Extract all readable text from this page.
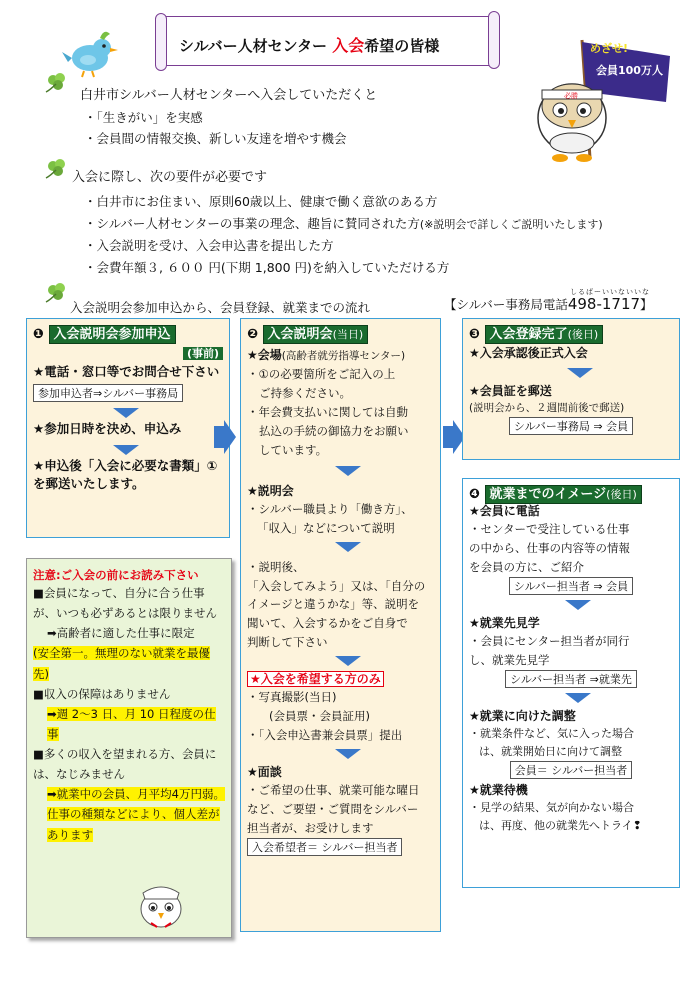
シルバー人材センター 入会希望の皆様
必勝
めざせ!
会員100万人
白井市シルバー人材センターへ入会していただくと
・「生きがい」を実感
・会員間の情報交換、新しい友達を増やす機会
入会に際し、次の要件が必要です
・白井市にお住まい、原則60歳以上、健康で働く意欲のある方
・シルバー人材センターの事業の理念、趣旨に賛同された方(※説明会で詳しくご説明いたします)
・入会説明を受け、入会申込書を提出した方
・会費年額３, ６００ 円(下期 1,800 円)を納入していただける方
入会説明会参加申込から、会員登録、就業までの流れ
しるばーいいないいな
【シルバー事務局電話498-1717】
❶ 入会説明会参加申込
(事前)
★電話・窓口等でお問合せ下さい
参加申込者⇒シルバー事務局
★参加日時を決め、申込み
★申込後「入会に必要な書類」①を郵送いたします。
❷ 入会説明会(当日)
★会場(高齢者就労指導センター)
・①の必要箇所をご記入の上
ご持参ください。
・年会費支払いに関しては自動
払込の手続の御協力をお願い
しています。
★説明会
・シルバー職員より「働き方」、
「収入」などについて説明
・説明後、
「入会してみよう」又は、「自分の
イメージと違うかな」等、説明を
聞いて、入会するかをご自身で
判断して下さい
★入会を希望する方のみ
・写真撮影(当日)
(会員票・会員証用)
・「入会申込書兼会員票」提出
★面談
・ご希望の仕事、就業可能な曜日
など、ご要望・ご質問をシルバー
担当者が、お受けします
入会希望者＝ シルバー担当者
❸ 入会登録完了(後日)
★入会承認後正式入会
★会員証を郵送
(説明会から、２週間前後で郵送)
シルバー事務局 ⇒ 会員
❹ 就業までのイメージ(後日)
★会員に電話
・センターで受注している仕事
の中から、仕事の内容等の情報
を会員の方に、ご紹介
シルバー担当者 ⇒ 会員
★就業先見学
・会員にセンター担当者が同行
し、就業先見学
シルバー担当者 ⇒就業先
★就業に向けた調整
・就業条件など、気に入った場合
は、就業開始日に向けて調整
会員＝ シルバー担当者
★就業待機
・見学の結果、気が向かない場合
は、再度、他の就業先へトライ❢
注意:ご入会の前にお読み下さい

■会員になって、自分に合う仕事が、いつも必ずあるとは限りません

➡高齢者に適した仕事に限定

(安全第一。無理のない就業を最優先)

■収入の保障はありません

➡週 2～3 日、月 10 日程度の仕事

■多くの収入を望まれる方、会員には、なじみません

➡就業中の会員、月平均4万円弱。

仕事の種類などにより、個人差があります
